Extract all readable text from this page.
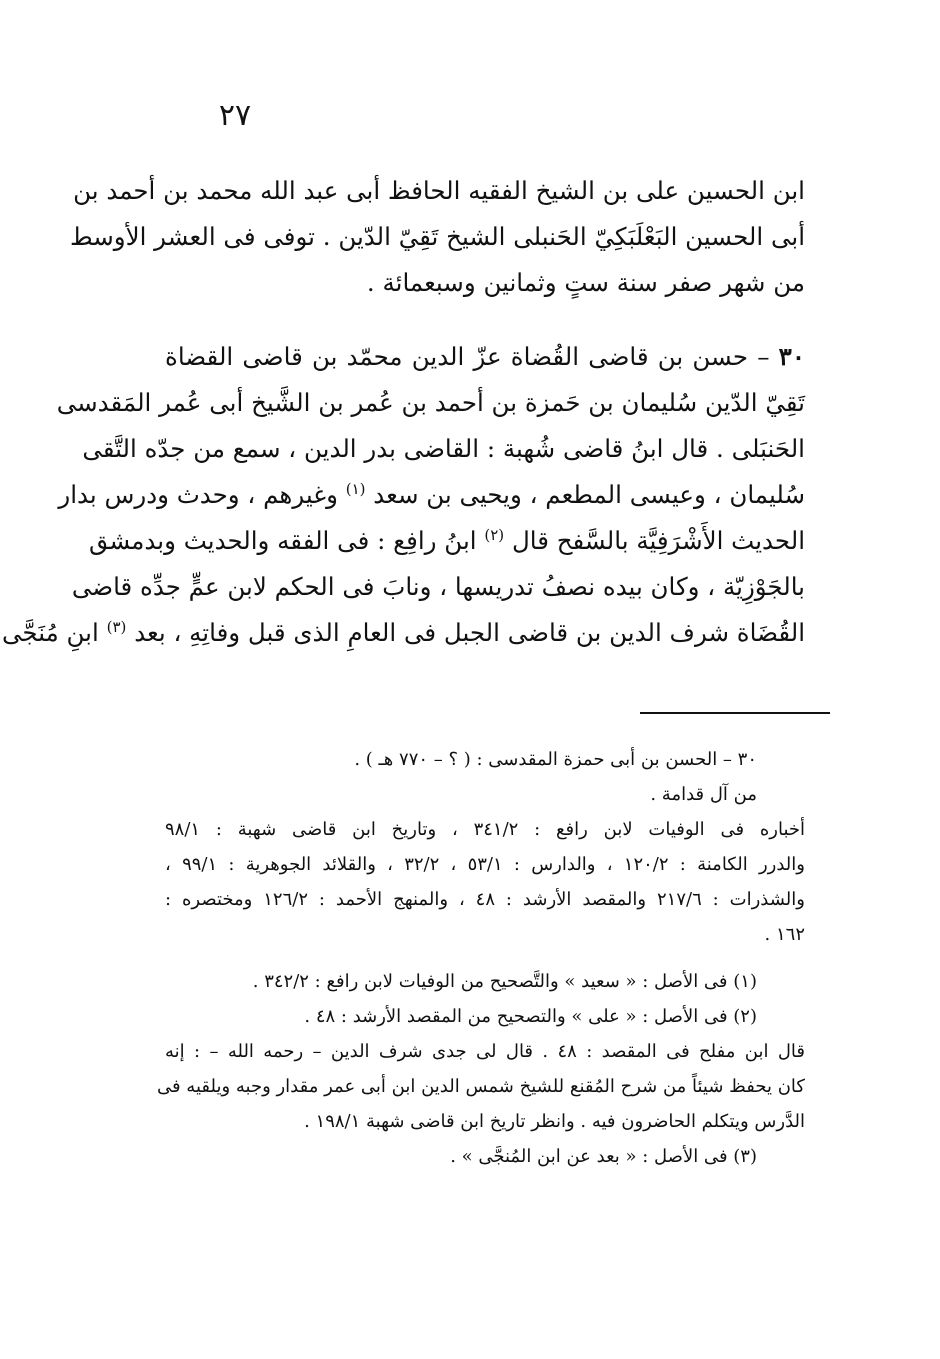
٢٧
ابن الحسين على بن الشيخ الفقيه الحافظ أبى عبد الله محمد بن أحمد بن
أبى الحسين البَعْلَبَكِيّ الحَنبلى الشيخ تَقِيّ الدّين . توفى فى العشر الأوسط
من شهر صفر سنة ستٍ وثمانين وسبعمائة .
٣٠ – حسن بن قاضى القُضاة عزّ الدين محمّد بن قاضى القضاة
تَقِيّ الدّين سُليمان بن حَمزة بن أحمد بن عُمر بن الشَّيخ أبى عُمر المَقدسى
الحَنبَلى . قال ابنُ قاضى شُهبة : القاضى بدر الدين ، سمع من جدّه التَّقى
سُليمان ، وعيسى المطعم ، ويحيى بن سعد $^{(١)}$ وغيرهم ، وحدث ودرس بدار
الحديث الأَشْرَفِيَّة بالسَّفح قال $^{(٢)}$ ابنُ رافِع : فى الفقه والحديث وبدمشق
بالجَوْزِيّة ، وكان بيده نصفُ تدريسها ، ونابَ فى الحكم لابن عمٍّ جدِّه قاضى
القُضَاة شرف الدين بن قاضى الجبل فى العامِ الذى قبل وفاتِهِ ، بعد $^{(٣)}$ ابنِ مُنَجَّى
٣٠ – الحسن بن أبى حمزة المقدسى : ( ؟ – ٧٧٠ هـ ) .
من آل قدامة .
أخباره فى الوفيات لابن رافع : ٣٤١/٢ ، وتاريخ ابن قاضى شهبة : ٩٨/١
والدرر الكامنة : ١٢٠/٢ ، والدارس : ٥٣/١ ، ٣٢/٢ ، والقلائد الجوهرية : ٩٩/١ ،
والشذرات : ٢١٧/٦ والمقصد الأرشد : ٤٨ ، والمنهج الأحمد : ١٢٦/٢ ومختصره :
١٦٢ .
(١) فى الأصل : « سعيد » والتَّصحيح من الوفيات لابن رافع : ٣٤٢/٢ .
(٢) فى الأصل : « على » والتصحيح من المقصد الأرشد : ٤٨ .
قال ابن مفلح فى المقصد : ٤٨ . قال لى جدى شرف الدين – رحمه الله – : إنه
كان يحفظ شيئاً من شرح المُقنع للشيخ شمس الدين ابن أبى عمر مقدار وجبه ويلقيه فى
الدَّرس ويتكلم الحاضرون فيه . وانظر تاريخ ابن قاضى شهبة ١٩٨/١ .
(٣) فى الأصل : « بعد عن ابن المُنجَّى » .
